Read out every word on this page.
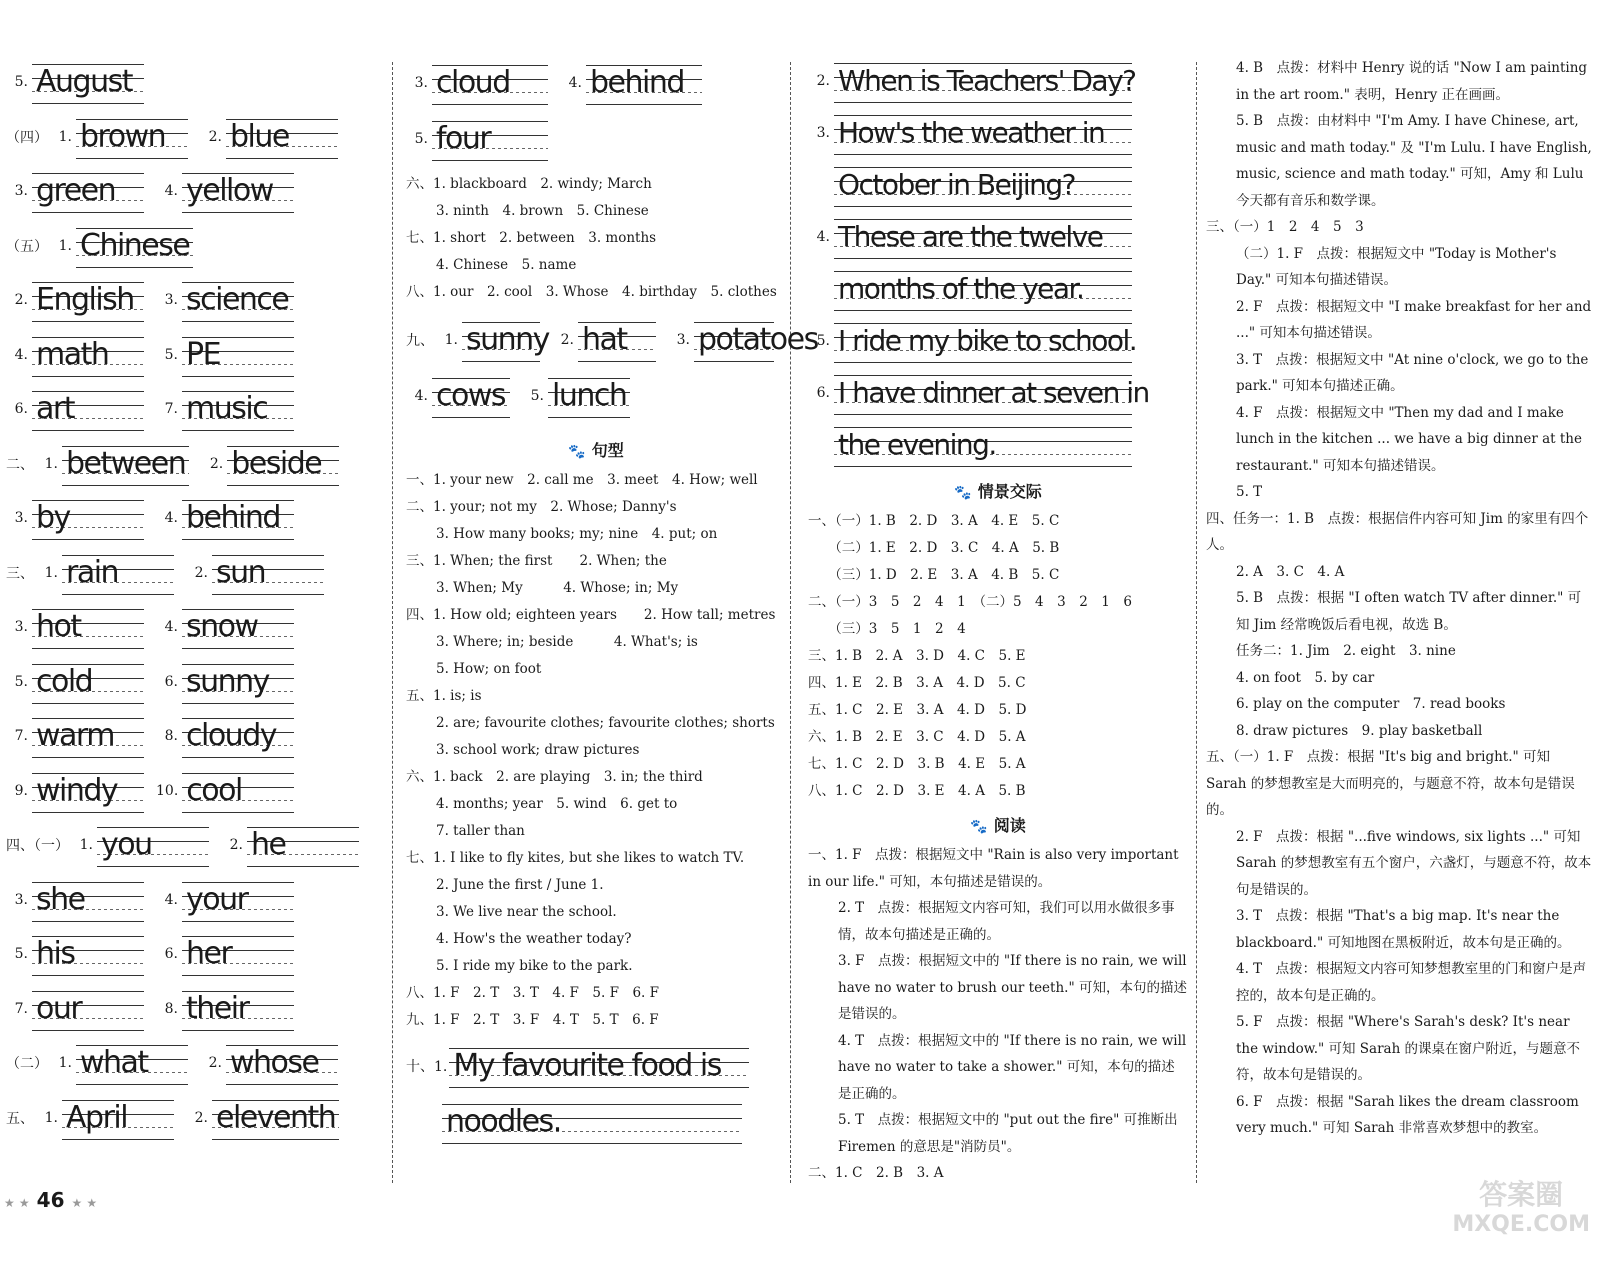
5. August
（四） 1. brown	2. blue
3. green	4. yellow
（五） 1. Chinese
2. English	3. science
4. math	5. PE
6. art	7. music
二、 1. between	2. beside
3. by	4. behind
三、 1. rain	2. sun
3. hot	4. snow
5. cold	6. sunny
7. warm	8. cloudy
9. windy	10. cool
四、（一） 1. you	2. he
3. she	4. your
5. his	6. her
7. our	8. their
（二） 1. what	2. whose
五、 1. April	2. eleventh
3. cloud	4. behind
5. four
六、1. blackboard　2. windy; March
3. ninth　4. brown　5. Chinese
七、1. short　2. between　3. months
4. Chinese　5. name
八、1. our　2. cool　3. Whose　4. birthday　5. clothes
九、 1. sunny 2. hat	3. potatoes
4. cows	5. lunch
🐾 句型
一、1. your new　2. call me　3. meet　4. How; well
二、1. your; not my　2. Whose; Danny's
3. How many books; my; nine　4. put; on
三、1. When; the first　　2. When; the
3. When; My　　　4. Whose; in; My
四、1. How old; eighteen years　　2. How tall; metres
3. Where; in; beside　　　4. What's; is
5. How; on foot
五、1. is; is
2. are; favourite clothes; favourite clothes; shorts
3. school work; draw pictures
六、1. back　2. are playing　3. in; the third
4. months; year　5. wind　6. get to
7. taller than
七、1. I like to fly kites, but she likes to watch TV.
2. June the first / June 1.
3. We live near the school.
4. How's the weather today?
5. I ride my bike to the park.
八、1. F　2. T　3. T　4. F　5. F　6. F
九、1. F　2. T　3. F　4. T　5. T　6. F
十、1. My favourite food is
noodles.
2. When is Teachers' Day?
3. How's the weather in
October in Beijing?
4. These are the twelve
months of the year.
5. I ride my bike to school.
6. I have dinner at seven in
the evening.
🐾 情景交际
一、（一）1. B　2. D　3. A　4. E　5. C
　　（二）1. E　2. D　3. C　4. A　5. B
　　（三）1. D　2. E　3. A　4. B　5. C
二、（一）3　5　2　4　1　（二）5　4　3　2　1　6
　　（三）3　5　1　2　4
三、1. B　2. A　3. D　4. C　5. E
四、1. E　2. B　3. A　4. D　5. C
五、1. C　2. E　3. A　4. D　5. D
六、1. B　2. E　3. C　4. D　5. A
七、1. C　2. D　3. B　4. E　5. A
八、1. C　2. D　3. E　4. A　5. B
🐾 阅读
一、1. F　点拨：根据短文中 "Rain is also very important in our life." 可知，本句描述是错误的。
2. T　点拨：根据短文内容可知，我们可以用水做很多事情，故本句描述是正确的。
3. F　点拨：根据短文中的 "If there is no rain, we will have no water to brush our teeth." 可知，本句的描述是错误的。
4. T　点拨：根据短文中的 "If there is no rain, we will have no water to take a shower." 可知，本句的描述是正确的。
5. T　点拨：根据短文中的 "put out the fire" 可推断出 Firemen 的意思是"消防员"。
二、1. C　2. B　3. A
4. B　点拨：材料中 Henry 说的话 "Now I am painting in the art room." 表明，Henry 正在画画。
5. B　点拨：由材料中 "I'm Amy. I have Chinese, art, music and math today." 及 "I'm Lulu. I have English, music, science and math today." 可知，Amy 和 Lulu 今天都有音乐和数学课。
三、（一）1　2　4　5　3
（二）1. F　点拨：根据短文中 "Today is Mother's Day." 可知本句描述错误。
2. F　点拨：根据短文中 "I make breakfast for her and ..." 可知本句描述错误。
3. T　点拨：根据短文中 "At nine o'clock, we go to the park." 可知本句描述正确。
4. F　点拨：根据短文中 "Then my dad and I make lunch in the kitchen ... we have a big dinner at the restaurant." 可知本句描述错误。
5. T
四、任务一：1. B　点拨：根据信件内容可知 Jim 的家里有四个人。
2. A　3. C　4. A
5. B　点拨：根据 "I often watch TV after dinner." 可知 Jim 经常晚饭后看电视，故选 B。
任务二：1. Jim　2. eight　3. nine
4. on foot　5. by car
6. play on the computer　7. read books
8. draw pictures　9. play basketball
五、（一）1. F　点拨：根据 "It's big and bright." 可知 Sarah 的梦想教室是大而明亮的，与题意不符，故本句是错误的。
2. F　点拨：根据 "...five windows, six lights ..." 可知 Sarah 的梦想教室有五个窗户，六盏灯，与题意不符，故本句是错误的。
3. T　点拨：根据 "That's a big map. It's near the blackboard." 可知地图在黑板附近，故本句是正确的。
4. T　点拨：根据短文内容可知梦想教室里的门和窗户是声控的，故本句是正确的。
5. F　点拨：根据 "Where's Sarah's desk? It's near the window." 可知 Sarah 的课桌在窗户附近，与题意不符，故本句是错误的。
6. F　点拨：根据 "Sarah likes the dream classroom very much." 可知 Sarah 非常喜欢梦想中的教室。
★ ★ 46 ★ ★	答案圈
MXQE.COM
